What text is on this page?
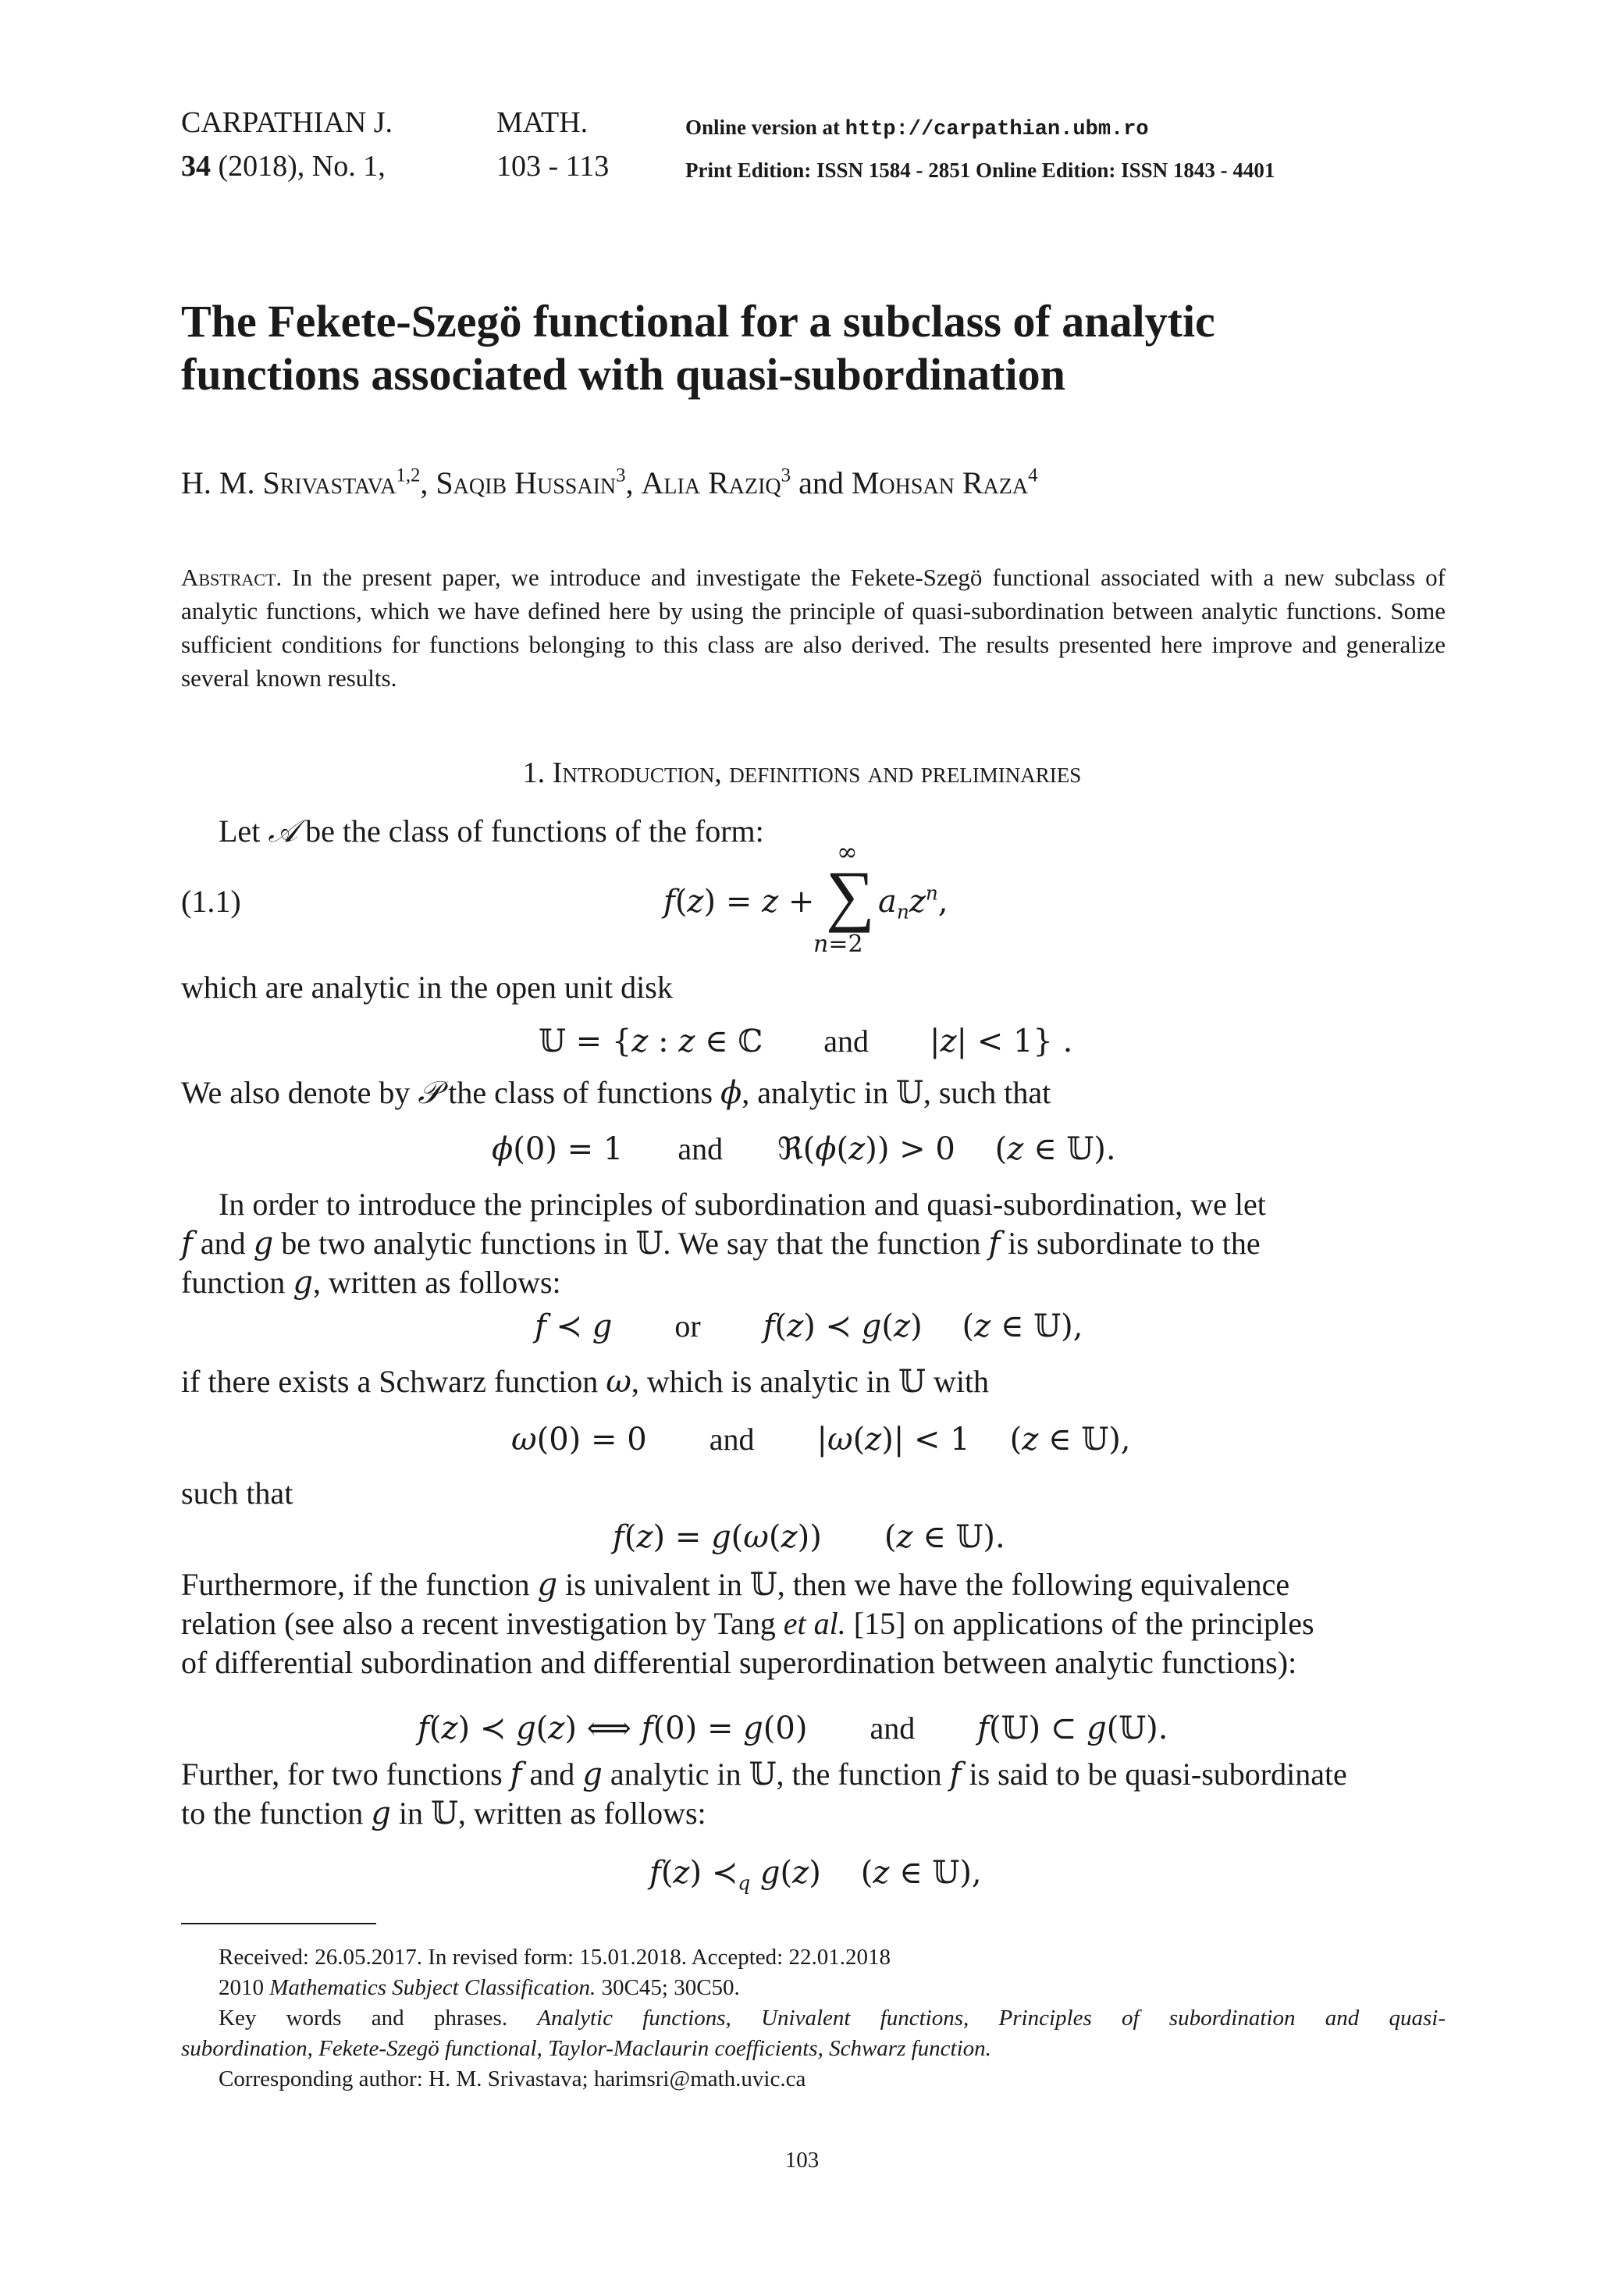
CARPATHIAN J.	MATH.	Online version at http://carpathian.ubm.ro
34 (2018), No. 1,	103 - 113	Print Edition: ISSN 1584 - 2851 Online Edition: ISSN 1843 - 4401
The Fekete-Szegö functional for a subclass of analytic
functions associated with quasi-subordination
H. M. Srivastava$^{1,2}$, Saqib Hussain$^3$, Alia Raziq$^3$ and Mohsan Raza$^4$
Abstract. In the present paper, we introduce and investigate the Fekete-Szegö functional associated with a new subclass of analytic functions, which we have defined here by using the principle of quasi-subordination between analytic functions. Some sufficient conditions for functions belonging to this class are also derived. The results presented here improve and generalize several known results.
1. Introduction, definitions and preliminaries
Let 𝒜 be the class of functions of the form:
(1.1)	f(z) = z +
∞
∑
n=2
$a_nz^n$,
which are analytic in the open unit disk
𝕌 = {z : z ∈ ℂ and |z| < 1} .
We also denote by 𝒫 the class of functions ϕ, analytic in 𝕌, such that
ϕ(0) = 1 and ℜ(ϕ(z)) > 0    (z ∈ 𝕌).
In order to introduce the principles of subordination and quasi-subordination, we let
f and g be two analytic functions in 𝕌. We say that the function f is subordinate to the
function g, written as follows:
f ≺ g or f(z) ≺ g(z)    (z ∈ 𝕌),
if there exists a Schwarz function ω, which is analytic in 𝕌 with
ω(0) = 0 and |ω(z)| < 1    (z ∈ 𝕌),
such that
f(z) = g(ω(z)) (z ∈ 𝕌).
Furthermore, if the function g is univalent in 𝕌, then we have the following equivalence
relation (see also a recent investigation by Tang et al. [15] on applications of the principles
of differential subordination and differential superordination between analytic functions):
f(z) ≺ g(z) ⟺ f(0) = g(0) and f(𝕌) ⊂ g(𝕌).
Further, for two functions f and g analytic in 𝕌, the function f is said to be quasi-subordinate
to the function g in 𝕌, written as follows:
f(z) $≺_q$ g(z)    (z ∈ 𝕌),
Received: 26.05.2017. In revised form: 15.01.2018. Accepted: 22.01.2018
2010 Mathematics Subject Classification. 30C45; 30C50.
Key words and phrases. Analytic functions, Univalent functions, Principles of subordination and quasi-
subordination, Fekete-Szegö functional, Taylor-Maclaurin coefficients, Schwarz function.
Corresponding author: H. M. Srivastava; harimsri@math.uvic.ca
103
